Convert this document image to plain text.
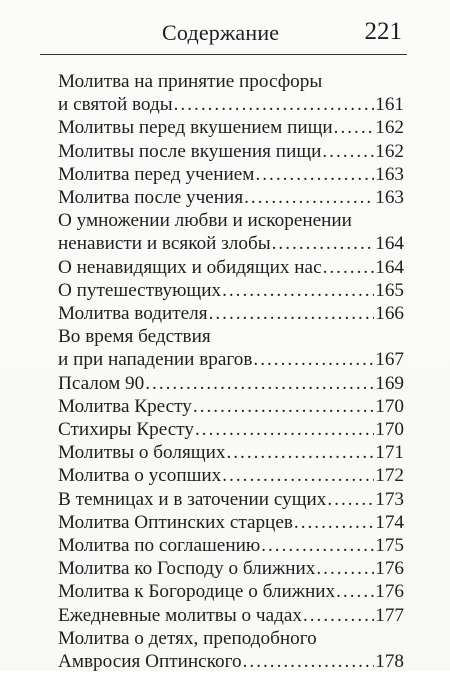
Содержание	221
Молитва на принятие просфоры
и святой воды . . .	161
Молитвы перед вкушением пищи . . . 162
Молитвы после вкушения пищи . . .	162
Молитва перед учением . . .	163
Молитва после учения . . .	163
О умножении любви и искоренении
ненависти и всякой злобы . . .	164
О ненавидящих и обидящих нас . . .	164
О путешествующих . . .	165
Молитва водителя . . .	166
Во время бедствия
и при нападении врагов . . .	167
Псалом 90 . . .	169
Молитва Кресту . . .	170
Стихиры Кресту . . .	170
Молитвы о болящих . . .	171
Молитва о усопших . . .	172
В темницах и в заточении сущих . . .	173
Молитва Оптинских старцев . . .	174
Молитва по соглашению . . .	175
Молитва ко Господу о ближних . . .	176
Молитва к Богородице о ближних . . . 176
Ежедневные молитвы о чадах . . .	177
Молитва о детях, преподобного
Амвросия Оптинского . . .	178
